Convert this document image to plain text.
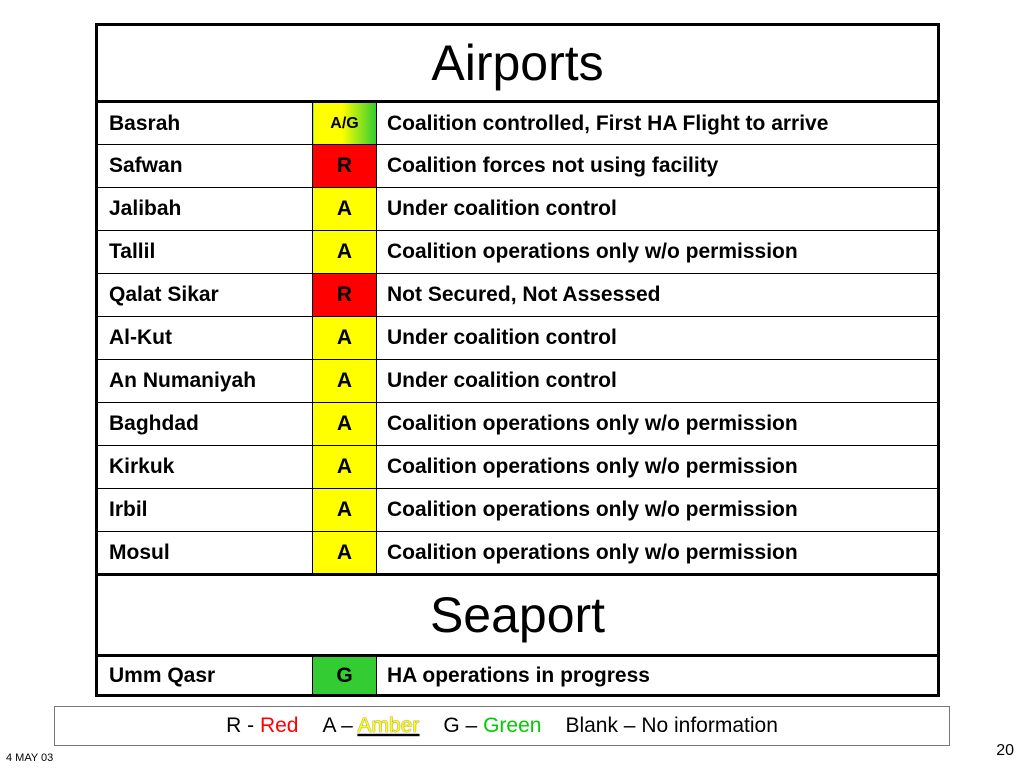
Airports		
Basrah	A/G	Coalition controlled, First HA Flight to arrive
Safwan	R	Coalition forces not using facility
Jalibah	A	Under coalition control
Tallil	A	Coalition operations only w/o permission
Qalat Sikar	R	Not Secured, Not Assessed
Al-Kut	A	Under coalition control
An Numaniyah	A	Under coalition control
Baghdad	A	Coalition operations only w/o permission
Kirkuk	A	Coalition operations only w/o permission
Irbil	A	Coalition operations only w/o permission
Mosul	A	Coalition operations only w/o permission
Seaport		
Umm Qasr	G	HA operations in progress
R - Red A – Amber G – Green Blank – No information
4 MAY 03	20
